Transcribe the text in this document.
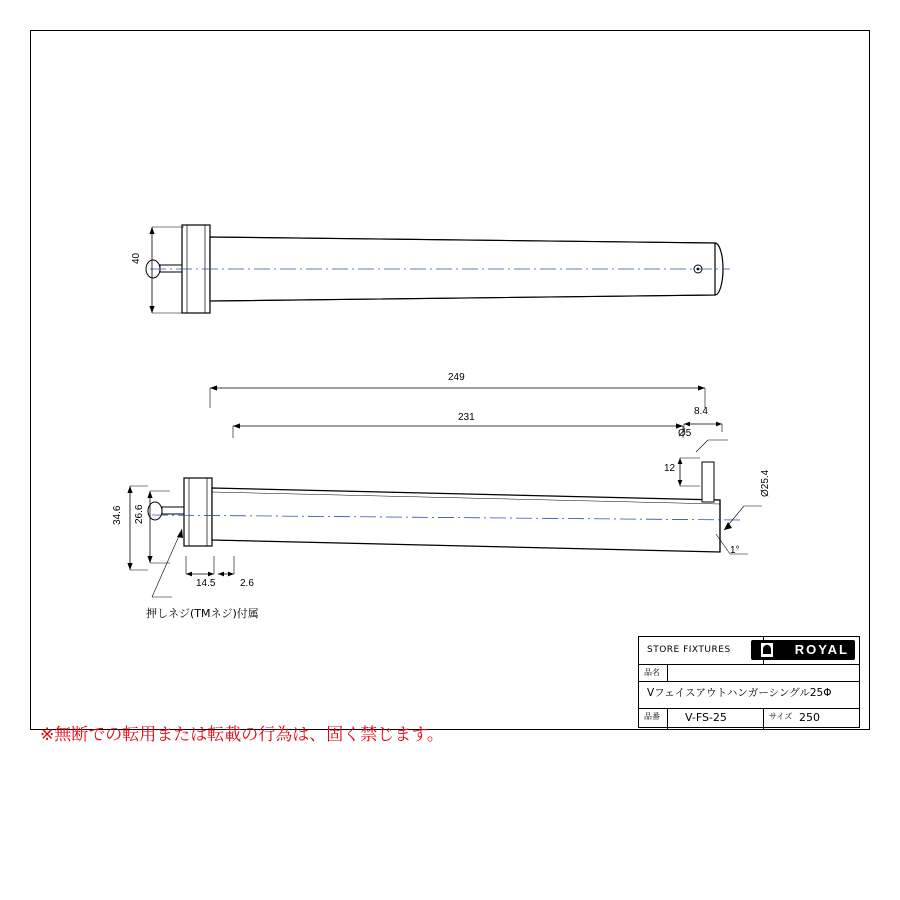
40
249
231
8.4
Ø5
12
34.6 26.6
14.5 2.6
Ø25.4
1°
押しネジ(TMネジ)付属
STORE FIXTURES	ROYAL
品名
Vフェイスアウトハンガーシングル25Φ
品番 V-FS-25	サイズ 250
※無断での転用または転載の行為は、固く禁じます。
